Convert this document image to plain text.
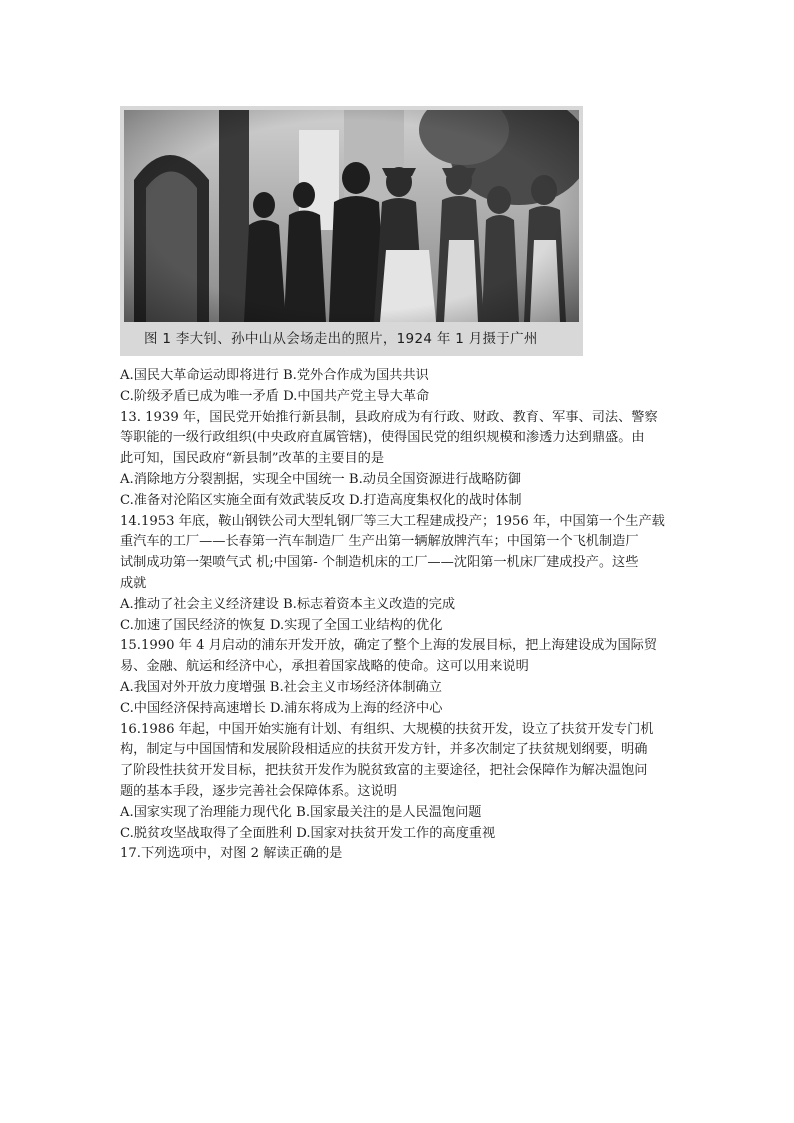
图 1 李大钊、孙中山从会场走出的照片，1924 年 1 月摄于广州
A.国民大革命运动即将进行 B.党外合作成为国共共识
C.阶级矛盾已成为唯一矛盾 D.中国共产党主导大革命
13. 1939 年，国民党开始推行新县制，县政府成为有行政、财政、教育、军事、司法、警察
等职能的一级行政组织(中央政府直属管辖)，使得国民党的组织规模和渗透力达到鼎盛。由
此可知，国民政府“新县制”改革的主要目的是
A.消除地方分裂割据，实现全中国统一 B.动员全国资源进行战略防御
C.准备对沦陷区实施全面有效武装反攻 D.打造高度集权化的战时体制
14.1953 年底，鞍山钢铁公司大型轧钢厂等三大工程建成投产；1956 年，中国第一个生产载
重汽车的工厂——长春第一汽车制造厂 生产出第一辆解放牌汽车；中国第一个飞机制造厂
试制成功第一架喷气式 机;中国第- 个制造机床的工厂——沈阳第一机床厂建成投产。这些
成就
A.推动了社会主义经济建设 B.标志着资本主义改造的完成
C.加速了国民经济的恢复 D.实现了全国工业结构的优化
15.1990 年 4 月启动的浦东开发开放，确定了整个上海的发展目标，把上海建设成为国际贸
易、金融、航运和经济中心，承担着国家战略的使命。这可以用来说明
A.我国对外开放力度增强 B.社会主义市场经济体制确立
C.中国经济保持高速增长 D.浦东将成为上海的经济中心
16.1986 年起，中国开始实施有计划、有组织、大规模的扶贫开发，设立了扶贫开发专门机
构，制定与中国国情和发展阶段相适应的扶贫开发方针，并多次制定了扶贫规划纲要，明确
了阶段性扶贫开发目标，把扶贫开发作为脱贫致富的主要途径，把社会保障作为解决温饱问
题的基本手段，逐步完善社会保障体系。这说明
A.国家实现了治理能力现代化 B.国家最关注的是人民温饱问题
C.脱贫攻坚战取得了全面胜利 D.国家对扶贫开发工作的高度重视
17.下列选项中，对图 2 解读正确的是
